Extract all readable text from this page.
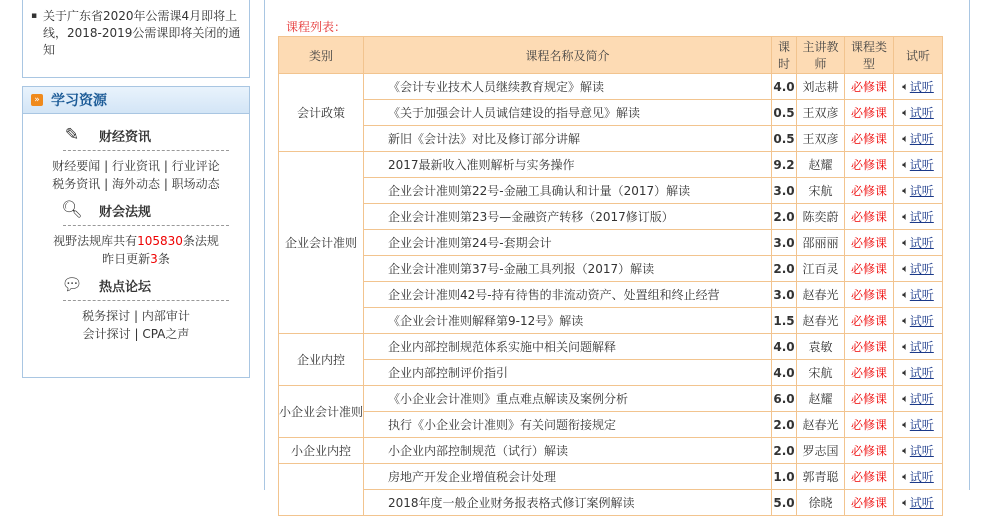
▪ 关于广东省2020年公需课4月即将上线，2018-2019公需课即将关闭的通知
» 学习资源
✎ 财经资讯
财经要闻 | 行业资讯 | 行业评论
税务资讯 | 海外动态 | 职场动态
🔍︎ 财会法规
视野法规库共有105830条法规
昨日更新3条
💬︎ 热点论坛
税务探讨 | 内部审计
会计探讨 | CPA之声
课程列表：
类别	课程名称及简介	课时	主讲教师	课程类型	试听
会计政策	《会计专业技术人员继续教育规定》解读	4.0	刘志耕	必修课	🔈︎试听
	《关于加强会计人员诚信建设的指导意见》解读	0.5	王双彦	必修课	🔈︎试听
	新旧《会计法》对比及修订部分讲解	0.5	王双彦	必修课	🔈︎试听
企业会计准则	2017最新收入准则解析与实务操作	9.2	赵耀	必修课	🔈︎试听
	企业会计准则第22号-金融工具确认和计量（2017）解读	3.0	宋航	必修课	🔈︎试听
	企业会计准则第23号—金融资产转移（2017修订版）	2.0	陈奕蔚	必修课	🔈︎试听
	企业会计准则第24号-套期会计	3.0	邵丽丽	必修课	🔈︎试听
	企业会计准则第37号-金融工具列报（2017）解读	2.0	江百灵	必修课	🔈︎试听
	企业会计准则42号-持有待售的非流动资产、处置组和终止经营	3.0	赵春光	必修课	🔈︎试听
	《企业会计准则解释第9-12号》解读	1.5	赵春光	必修课	🔈︎试听
企业内控	企业内部控制规范体系实施中相关问题解释	4.0	袁敏	必修课	🔈︎试听
	企业内部控制评价指引	4.0	宋航	必修课	🔈︎试听
小企业会计准则	《小企业会计准则》重点难点解读及案例分析	6.0	赵耀	必修课	🔈︎试听
	执行《小企业会计准则》有关问题衔接规定	2.0	赵春光	必修课	🔈︎试听
小企业内控	小企业内部控制规范（试行）解读	2.0	罗志国	必修课	🔈︎试听
	房地产开发企业增值税会计处理	1.0	郭青聪	必修课	🔈︎试听
	2018年度一般企业财务报表格式修订案例解读	5.0	徐晓	必修课	🔈︎试听
